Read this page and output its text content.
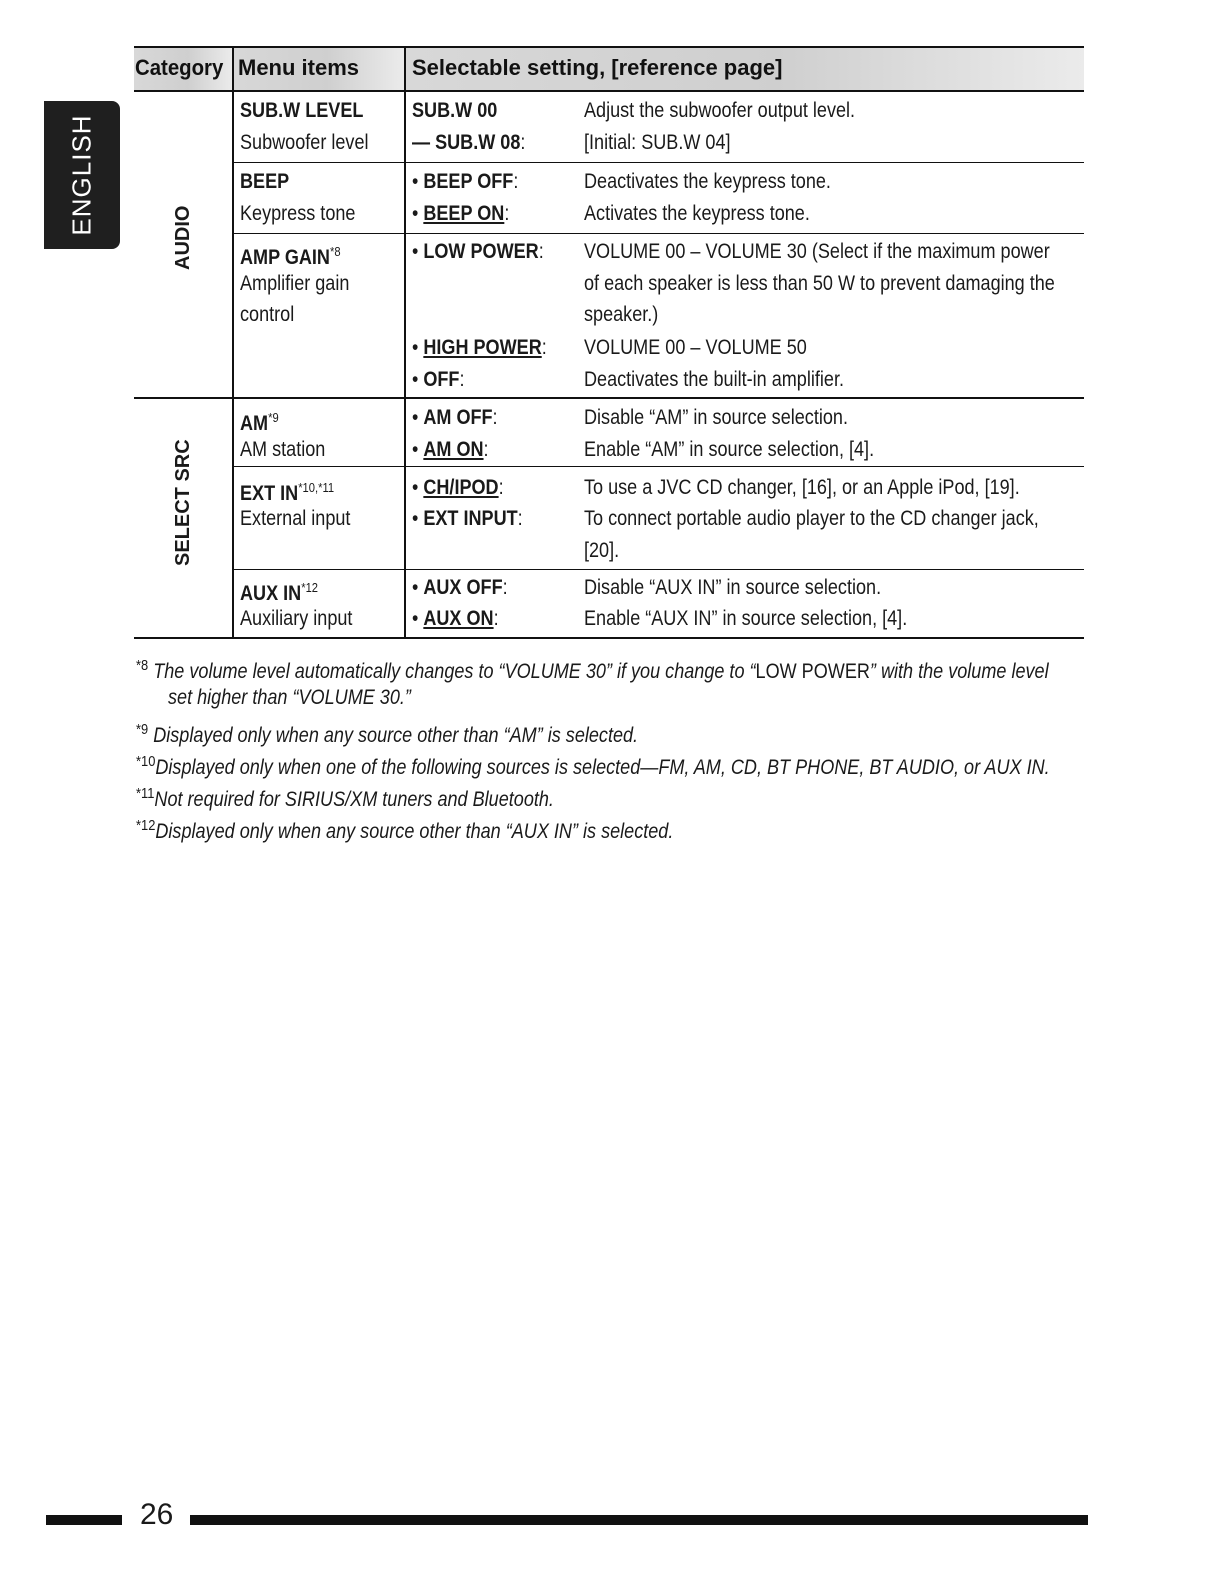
ENGLISH
Category Menu items	Selectable setting, [reference page]
AUDIO
SELECT SRC
SUB.W LEVEL
Subwoofer level
SUB.W 00
— SUB.W 08:
Adjust the subwoofer output level.
[Initial: SUB.W 04]
BEEP
Keypress tone
• BEEP OFF:
• BEEP ON:
Deactivates the keypress tone.
Activates the keypress tone.
AMP GAIN$^{*8}$
Amplifier gain
control
• LOW POWER:
• HIGH POWER:
• OFF:
VOLUME 00 – VOLUME 30 (Select if the maximum power
of each speaker is less than 50 W to prevent damaging the
speaker.)
VOLUME 00 – VOLUME 50
Deactivates the built-in amplifier.
AM$^{*9}$
AM station
• AM OFF:
• AM ON:
Disable “AM” in source selection.
Enable “AM” in source selection, [4].
EXT $IN^{*10,*11}$
External input
• CH/IPOD:
• EXT INPUT:
To use a JVC CD changer, [16], or an Apple iPod, [19].
To connect portable audio player to the CD changer jack,
[20].
AUX IN$^{*12}$
Auxiliary input
• AUX OFF:
• AUX ON:
Disable “AUX IN” in source selection.
Enable “AUX IN” in source selection, [4].
$^{*8}$ The volume level automatically changes to “VOLUME 30” if you change to “LOW POWER” with the volume level
set higher than “VOLUME 30.”
$^{*9}$ Displayed only when any source other than “AM” is selected.
$^{*10}$Displayed only when one of the following sources is selected—FM, AM, CD, BT PHONE, BT AUDIO, or AUX IN.
$^{*11}$Not required for SIRIUS/XM tuners and Bluetooth.
$^{*12}$Displayed only when any source other than “AUX IN” is selected.
26
